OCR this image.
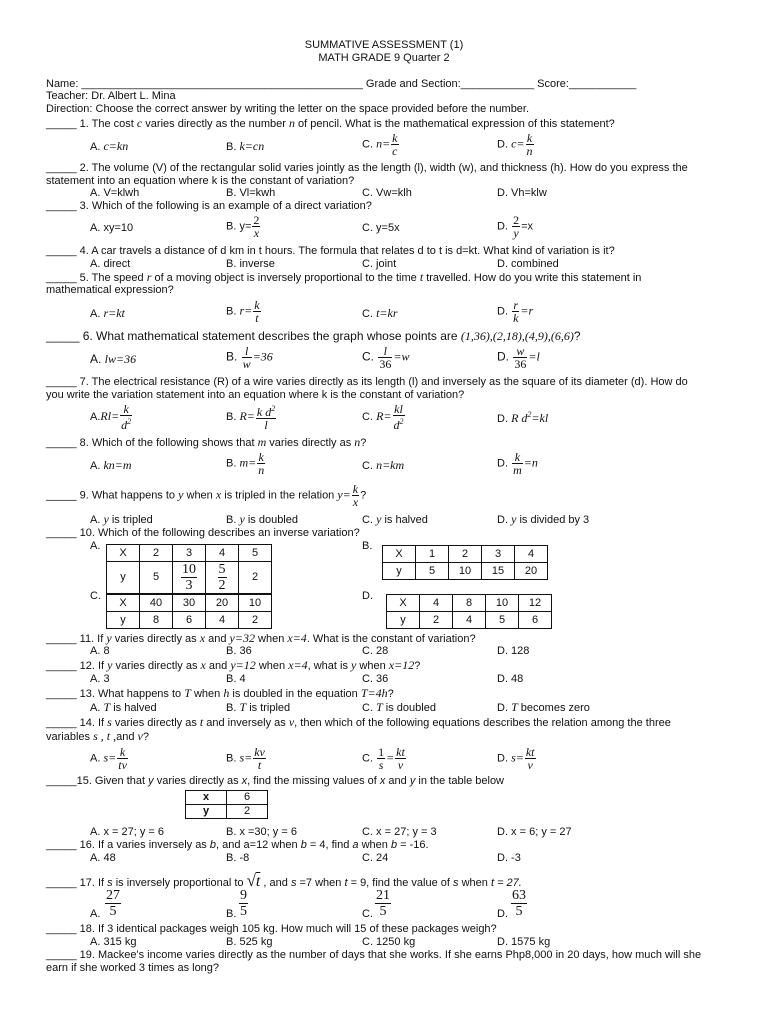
SUMMATIVE ASSESSMENT (1)
MATH GRADE 9 Quarter 2
Name: ______________________________________________ Grade and Section:____________ Score:___________
Teacher: Dr. Albert L. Mina
Direction: Choose the correct answer by writing the letter on the space provided before the number.
_____ 1. The cost c varies directly as the number n of pencil. What is the mathematical expression of this statement?
A. c=kn	B. k=cn	C. $n= \frac{k}{c}$	D. $c= \frac{k}{n}$
_____ 2. The volume (V) of the rectangular solid varies jointly as the length (l), width (w), and thickness (h). How do you express the
statement into an equation where k is the constant of variation?
A. V=klwh	B. Vl=kwh	C. Vw=klh	D. Vh=klw
_____ 3. Which of the following is an example of a direct variation?
A. xy=10	B. $y= \frac{2}{x}$	C. y=5x	D. $\frac{2}{y} =x$
_____ 4. A car travels a distance of d km in t hours. The formula that relates d to t is d=kt. What kind of variation is it?
A. direct	B. inverse	C. joint	D. combined
_____ 5. The speed r of a moving object is inversely proportional to the time t travelled. How do you write this statement in
mathematical expression?
A. r=kt	B. $r= \frac{k}{t}$	C. t=kr	D. $\frac{r}{k} =r$
_____ 6. What mathematical statement describes the graph whose points are (1,36),(2,18),(4,9),(6,6)?
A. lw=36	B. $\frac{l}{w} =36$	C. $\frac{l}{36} =w$	D. $\frac{w}{36} =l$
_____ 7. The electrical resistance (R) of a wire varies directly as its length (l) and inversely as the square of its diameter (d). How do
you write the variation statement into an equation where k is the constant of variation?
$A.Rl= \frac{k}{d^2}$	B. $R= \frac{k d^2}{l}$	C. $R= \frac{kl}{d^2}$	D. R $d^2=kl$
_____ 8. Which of the following shows that m varies directly as n?
A. kn=m	B. $m= \frac{k}{n}$	C. n=km	D. $\frac{k}{m} =n$
_____ 9. What happens to y when x is tripled in the relation $y= \frac{k}{x}$ ?
A. y is tripled	B. y is doubled	C. y is halved	D. y is divided by 3
_____ 10. Which of the following describes an inverse variation?
A.
X	2	3	4	5
y	5	$\frac{10}{3}$	$\frac{5}{2}$	2
B.
X	1	2	3	4
y	5	10	15	20
C.
X	40	30	20	10
y	8	6	4	2
D.
X	4	8	10	12
y	2	4	5	6
_____ 11. If y varies directly as x and y=32 when x=4. What is the constant of variation?
A. 8	B. 36	C. 28	D. 128
_____ 12. If y varies directly as x and y=12 when x=4, what is y when x=12?
A. 3	B. 4	C. 36	D. 48
_____ 13. What happens to T when h is doubled in the equation T=4h?
A. T is halved	B. T is tripled	C. T is doubled	D. T becomes zero
_____ 14. If s varies directly as t and inversely as v, then which of the following equations describes the relation among the three
variables s , t ,and v?
A. $s= \frac{k}{tv}$	B. $s= \frac{kv}{t}$	C. $\frac{1}{s} = \frac{kt}{v}$	D. $s= \frac{kt}{v}$
_____15. Given that y varies directly as x, find the missing values of x and y in the table below
x	6
y	2
A. x = 27; y = 6	B. x =30; y = 6	C. x = 27; y = 3	D. x = 6; y = 27
_____ 16. If a varies inversely as b, and a=12 when b = 4, find a when b = -16.
A. 48	B. -8	C. 24	D. -3
_____ 17. If s is inversely proportional to √t , and s =7 when t = 9, find the value of s when t = 27.
A. $\frac{27}{5}$	B. $\frac{9}{5}$	C. $\frac{21}{5}$	D. $\frac{63}{5}$
_____ 18. If 3 identical packages weigh 105 kg. How much will 15 of these packages weigh?
A. 315 kg	B. 525 kg	C. 1250 kg	D. 1575 kg
_____ 19. Mackee's income varies directly as the number of days that she works. If she earns Php8,000 in 20 days, how much will she
earn if she worked 3 times as long?
